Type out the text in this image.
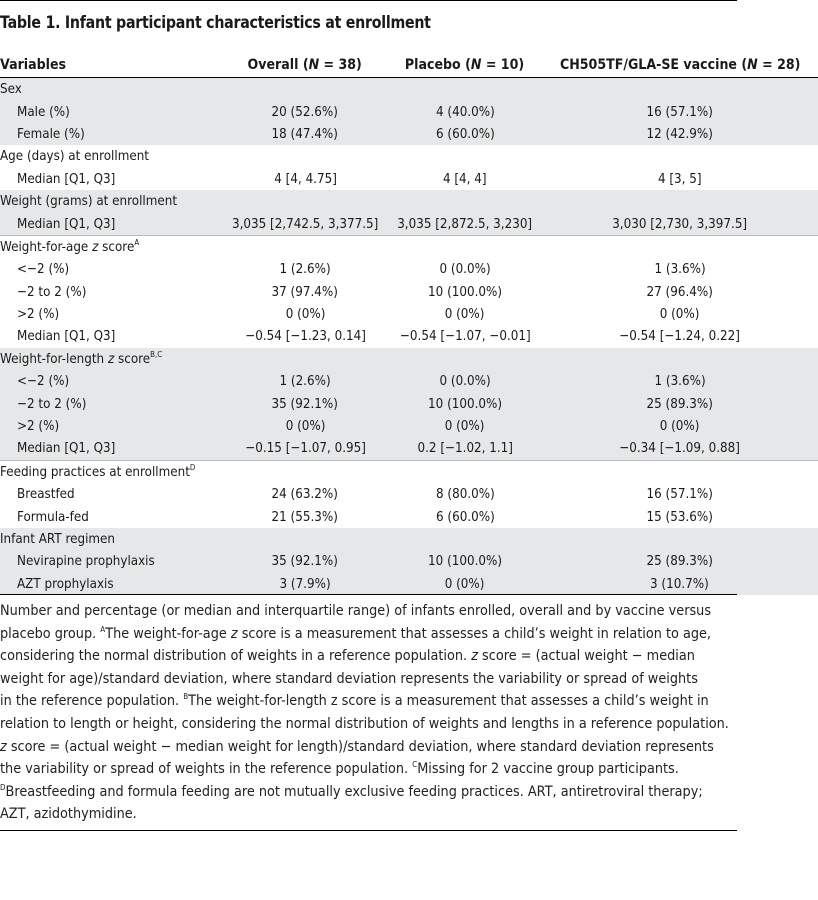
Table 1. Infant participant characteristics at enrollment
Variables	Overall (N = 38)	Placebo (N = 10)	CH505TF/GLA-SE vaccine (N = 28)
Sex			
Male (%)	20 (52.6%)	4 (40.0%)	16 (57.1%)
Female (%)	18 (47.4%)	6 (60.0%)	12 (42.9%)
Age (days) at enrollment			
Median [Q1, Q3]	4 [4, 4.75]	4 [4, 4]	4 [3, 5]
Weight (grams) at enrollment			
Median [Q1, Q3]	3,035 [2,742.5, 3,377.5]	3,035 [2,872.5, 3,230]	3,030 [2,730, 3,397.5]
Weight-for-age z score$^A$			
<−2 (%)	1 (2.6%)	0 (0.0%)	1 (3.6%)
−2 to 2 (%)	37 (97.4%)	10 (100.0%)	27 (96.4%)
>2 (%)	0 (0%)	0 (0%)	0 (0%)
Median [Q1, Q3]	−0.54 [−1.23, 0.14]	−0.54 [−1.07, −0.01]	−0.54 [−1.24, 0.22]
Weight-for-length z score$^{B,C}$			
<−2 (%)	1 (2.6%)	0 (0.0%)	1 (3.6%)
−2 to 2 (%)	35 (92.1%)	10 (100.0%)	25 (89.3%)
>2 (%)	0 (0%)	0 (0%)	0 (0%)
Median [Q1, Q3]	−0.15 [−1.07, 0.95]	0.2 [−1.02, 1.1]	−0.34 [−1.09, 0.88]
Feeding practices at enrollment$^D$			
Breastfed	24 (63.2%)	8 (80.0%)	16 (57.1%)
Formula-fed	21 (55.3%)	6 (60.0%)	15 (53.6%)
Infant ART regimen			
Nevirapine prophylaxis	35 (92.1%)	10 (100.0%)	25 (89.3%)
AZT prophylaxis	3 (7.9%)	0 (0%)	3 (10.7%)

Number and percentage (or median and interquartile range) of infants enrolled, overall and by vaccine versus

placebo group. $^A$The weight-for-age z score is a measurement that assesses a child’s weight in relation to age,

considering the normal distribution of weights in a reference population. z score = (actual weight − median

weight for age)/standard deviation, where standard deviation represents the variability or spread of weights

in the reference population. $^B$The weight-for-length z score is a measurement that assesses a child’s weight in

relation to length or height, considering the normal distribution of weights and lengths in a reference population.

z score = (actual weight − median weight for length)/standard deviation, where standard deviation represents

the variability or spread of weights in the reference population. $^C$Missing for 2 vaccine group participants.

$^D$Breastfeeding and formula feeding are not mutually exclusive feeding practices. ART, antiretroviral therapy;

AZT, azidothymidine.
